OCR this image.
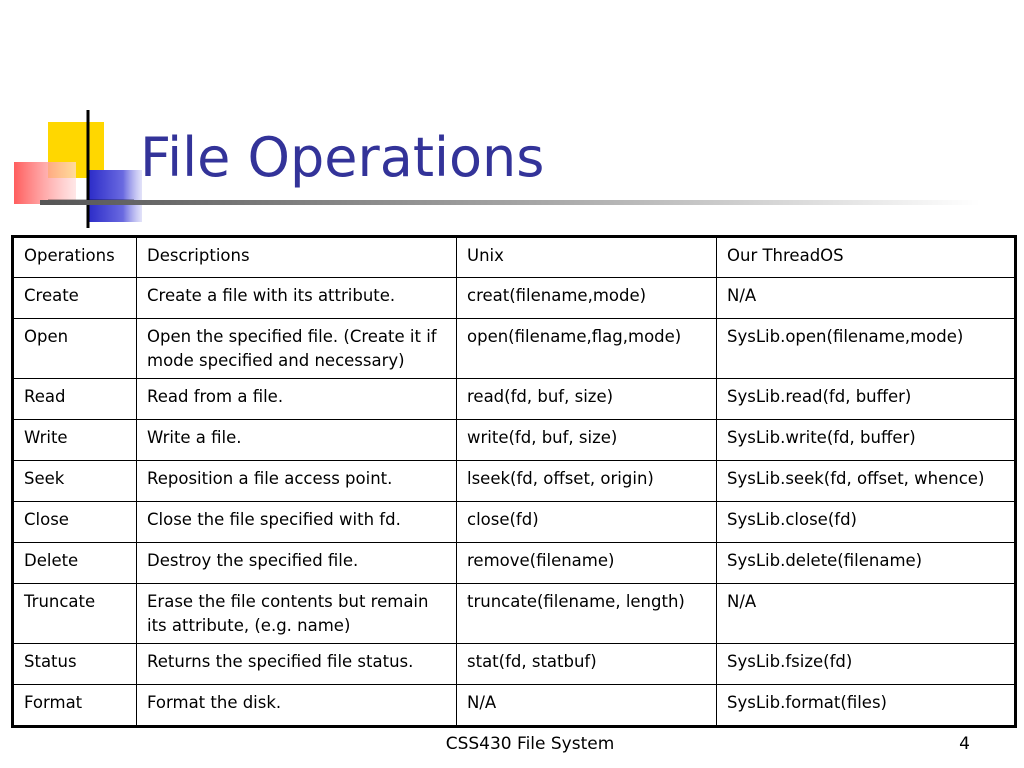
File Operations
Operations	Descriptions	Unix	Our ThreadOS
Create	Create a file with its attribute.	creat(filename,mode)	N/A
Open	Open the specified file. (Create it if mode specified and necessary)	open(filename,flag,mode)	SysLib.open(filename,mode)
Read	Read from a file.	read(fd, buf, size)	SysLib.read(fd, buffer)
Write	Write a file.	write(fd, buf, size)	SysLib.write(fd, buffer)
Seek	Reposition a file access point.	lseek(fd, offset, origin)	SysLib.seek(fd, offset, whence)
Close	Close the file specified with fd.	close(fd)	SysLib.close(fd)
Delete	Destroy the specified file.	remove(filename)	SysLib.delete(filename)
Truncate	Erase the file contents but remain its attribute, (e.g. name)	truncate(filename, length)	N/A
Status	Returns the specified file status.	stat(fd, statbuf)	SysLib.fsize(fd)
Format	Format the disk.	N/A	SysLib.format(files)
CSS430 File System	4
